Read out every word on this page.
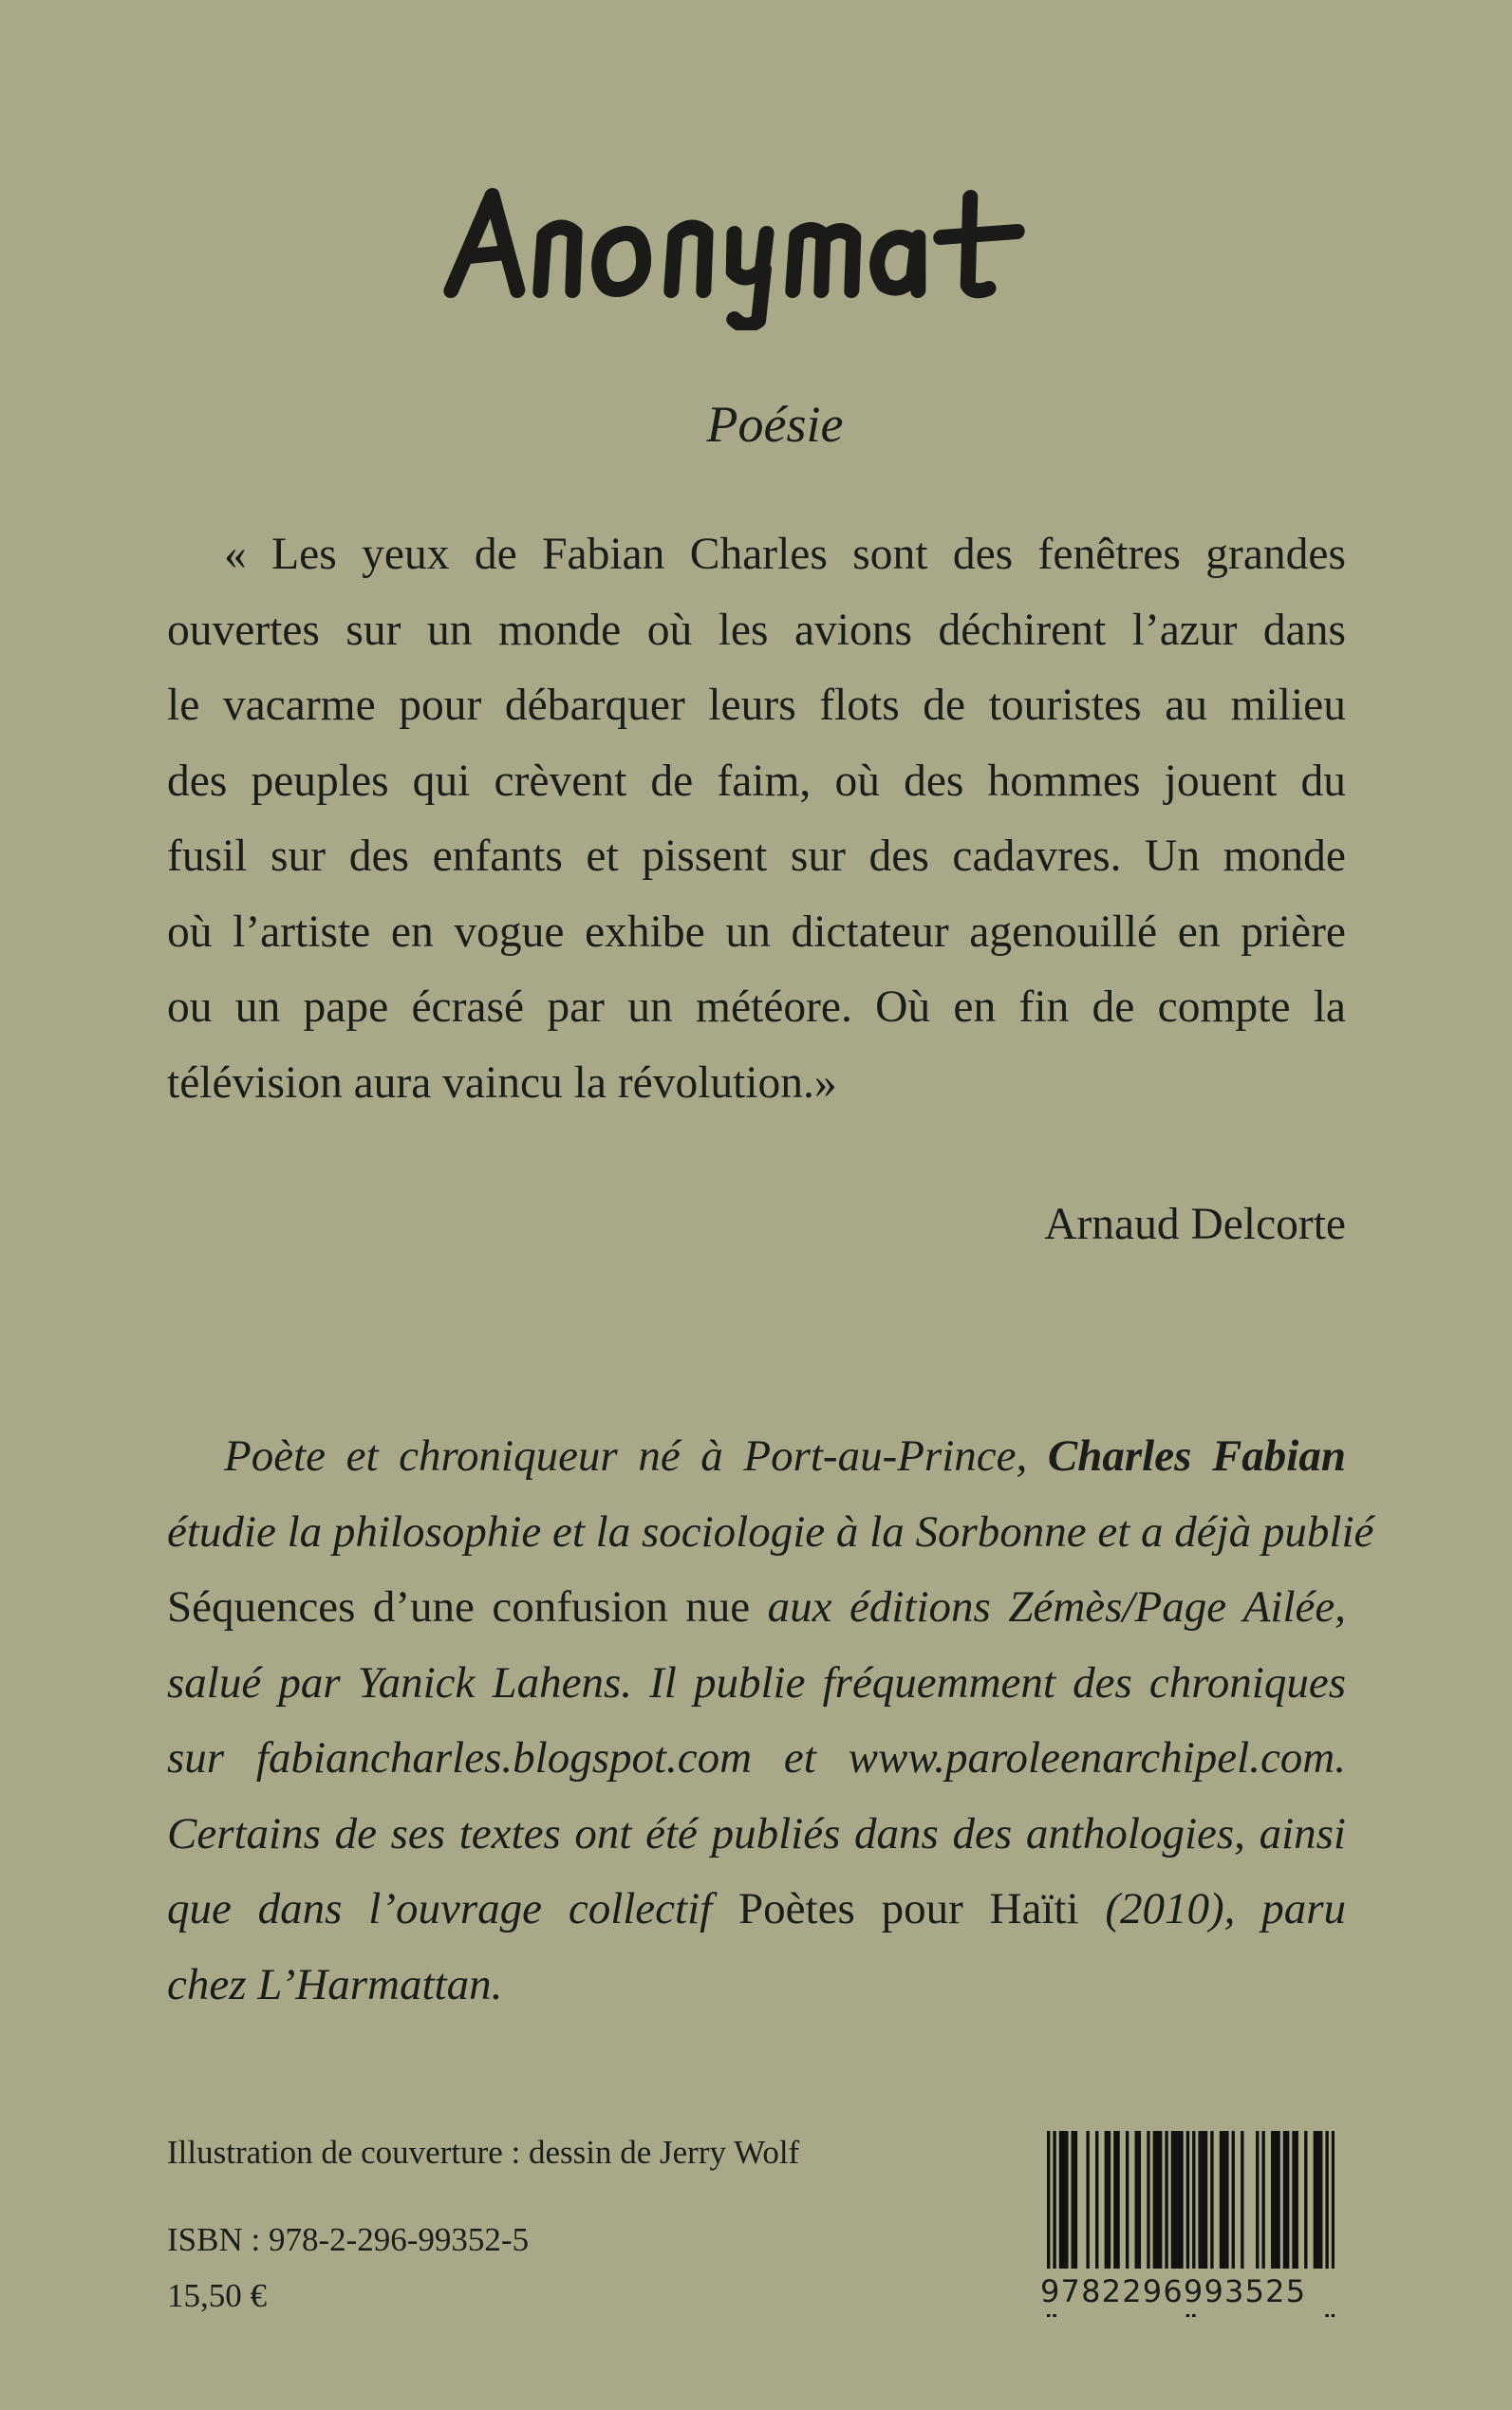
Poésie
« Les yeux de Fabian Charles sont des fenêtres grandes
ouvertes sur un monde où les avions déchirent l’azur dans
le vacarme pour débarquer leurs flots de touristes au milieu
des peuples qui crèvent de faim, où des hommes jouent du
fusil sur des enfants et pissent sur des cadavres. Un monde
où l’artiste en vogue exhibe un dictateur agenouillé en prière
ou un pape écrasé par un météore. Où en fin de compte la
télévision aura vaincu la révolution.»
Arnaud Delcorte
Poète et chroniqueur né à Port-au-Prince, Charles Fabian
étudie la philosophie et la sociologie à la Sorbonne et a déjà publié
Séquences d’une confusion nue aux éditions Zémès/Page Ailée,
salué par Yanick Lahens. Il publie fréquemment des chroniques
sur fabiancharles.blogspot.com et www.paroleenarchipel.com.
Certains de ses textes ont été publiés dans des anthologies, ainsi
que dans l’ouvrage collectif Poètes pour Haïti (2010), paru
chez L’Harmattan.
Illustration de couverture : dessin de Jerry Wolf
ISBN : 978-2-296-99352-5
15,50 €	9782296993525
